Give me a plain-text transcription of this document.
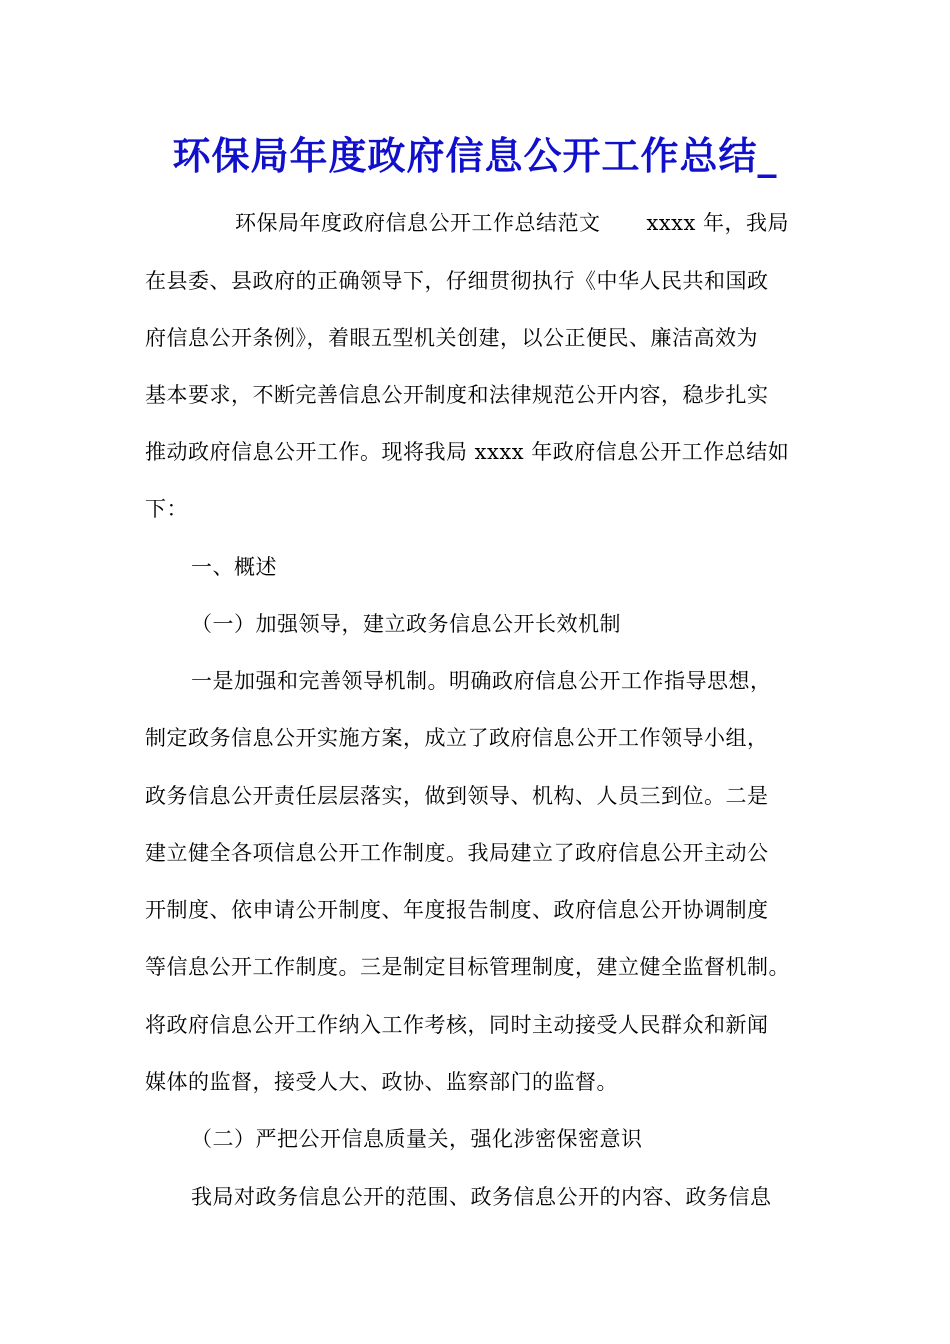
环保局年度政府信息公开工作总结_
环保局年度政府信息公开工作总结范文 xxxx 年，我局
在县委、县政府的正确领导下，仔细贯彻执行《中华人民共和国政
府信息公开条例》，着眼五型机关创建，以公正便民、廉洁高效为
基本要求，不断完善信息公开制度和法律规范公开内容，稳步扎实
推动政府信息公开工作。现将我局 xxxx 年政府信息公开工作总结如
下：
一、概述
（一）加强领导，建立政务信息公开长效机制
一是加强和完善领导机制。明确政府信息公开工作指导思想，
制定政务信息公开实施方案，成立了政府信息公开工作领导小组，
政务信息公开责任层层落实，做到领导、机构、人员三到位。二是
建立健全各项信息公开工作制度。我局建立了政府信息公开主动公
开制度、依申请公开制度、年度报告制度、政府信息公开协调制度
等信息公开工作制度。三是制定目标管理制度，建立健全监督机制。
将政府信息公开工作纳入工作考核，同时主动接受人民群众和新闻
媒体的监督，接受人大、政协、监察部门的监督。
（二）严把公开信息质量关，强化涉密保密意识
我局对政务信息公开的范围、政务信息公开的内容、政务信息
